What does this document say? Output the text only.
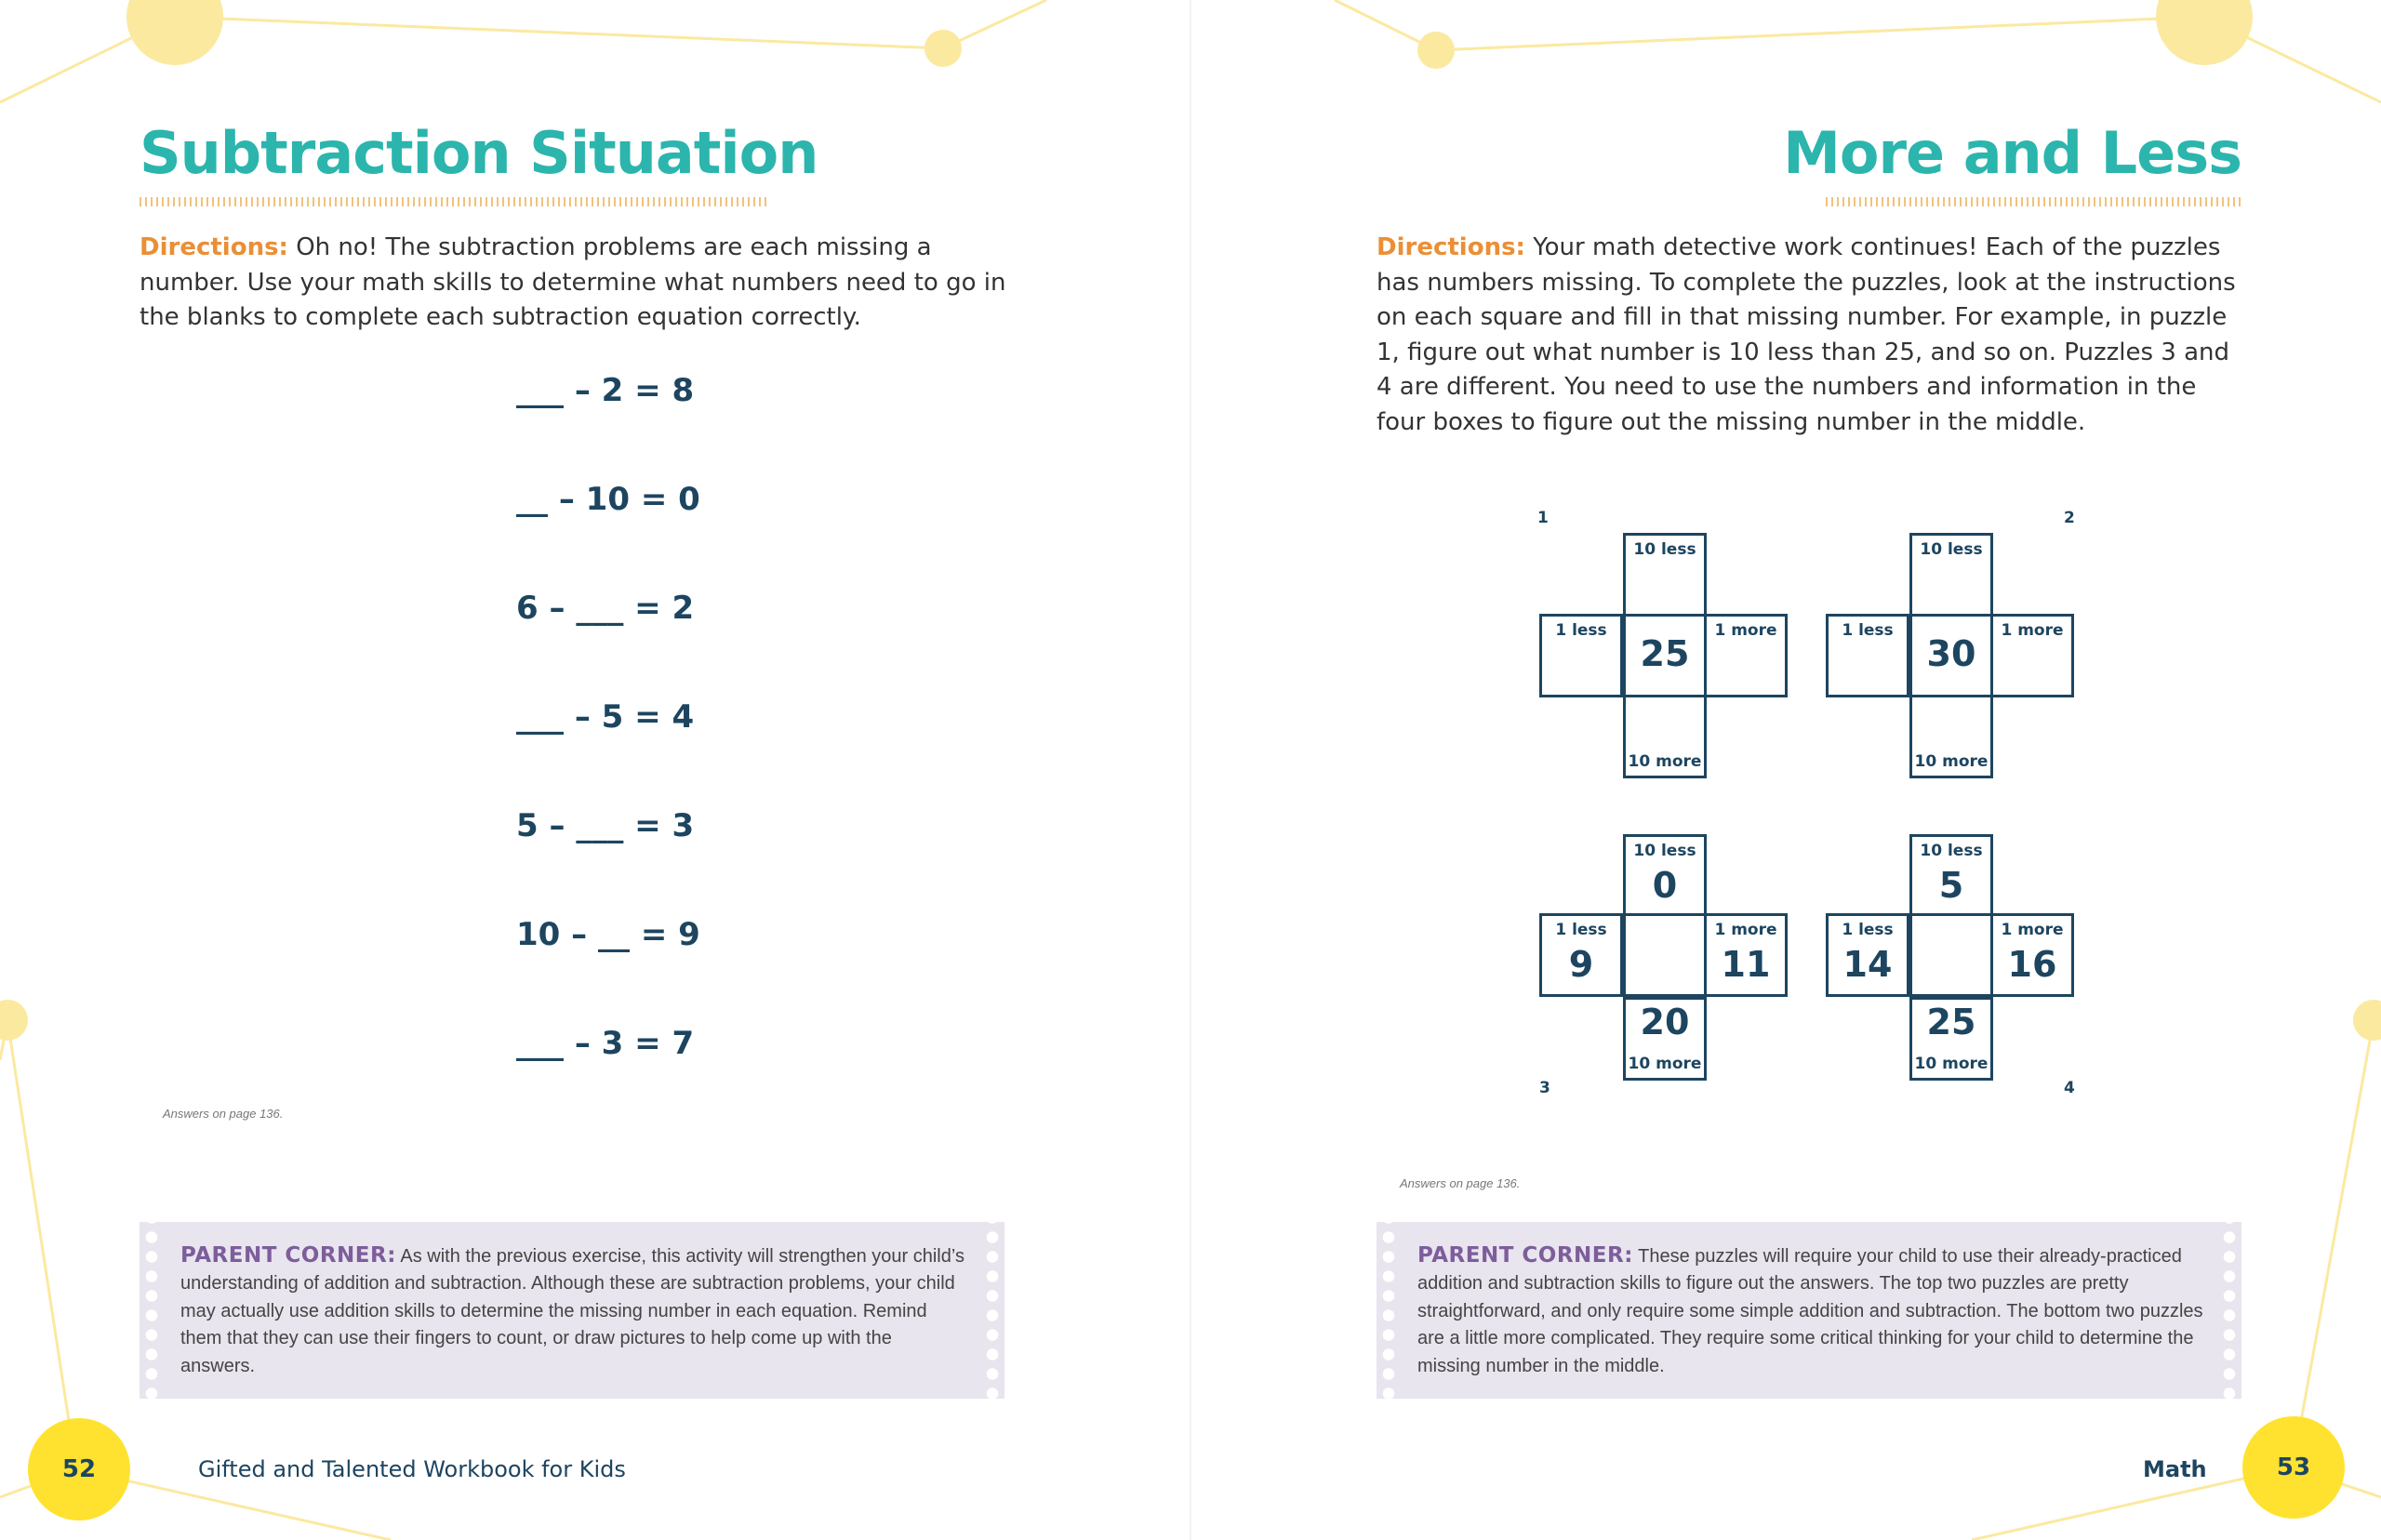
Subtraction Situation
Directions: Oh no! The subtraction problems are each missing a number. Use your math skills to determine what numbers need to go in the blanks to complete each subtraction equation correctly.
___ – 2 = 8
__ – 10 = 0
6 – ___ = 2
___ – 5 = 4
5 – ___ = 3
10 – __ = 9
___ – 3 = 7
Answers on page 136.
PARENT CORNER: As with the previous exercise, this activity will strengthen your child’s understanding of addition and subtraction. Although these are subtraction problems, your child may actually use addition skills to determine the missing number in each equation. Remind them that they can use their fingers to count, or draw pictures to help come up with the answers.
52	Gifted and Talented Workbook for Kids
More and Less
Directions: Your math detective work continues! Each of the puzzles has numbers missing. To complete the puzzles, look at the instructions on each square and fill in that missing number. For example, in puzzle 1, figure out what number is 10 less than 25, and so on. Puzzles 3 and 4 are different. You need to use the numbers and information in the four boxes to figure out the missing number in the middle.
1
10 less
1 less
25
1 more
10 more
2
10 less
1 less
30
1 more
10 more
3
10 less
0
1 less
9
1 more
11
20
10 more
4
10 less
5
1 less
14
1 more
16
25
10 more
Answers on page 136.
PARENT CORNER: These puzzles will require your child to use their already-practiced addition and subtraction skills to figure out the answers. The top two puzzles are pretty straightforward, and only require some simple addition and subtraction. The bottom two puzzles are a little more complicated. They require some critical thinking for your child to determine the missing number in the middle.
Math	53
